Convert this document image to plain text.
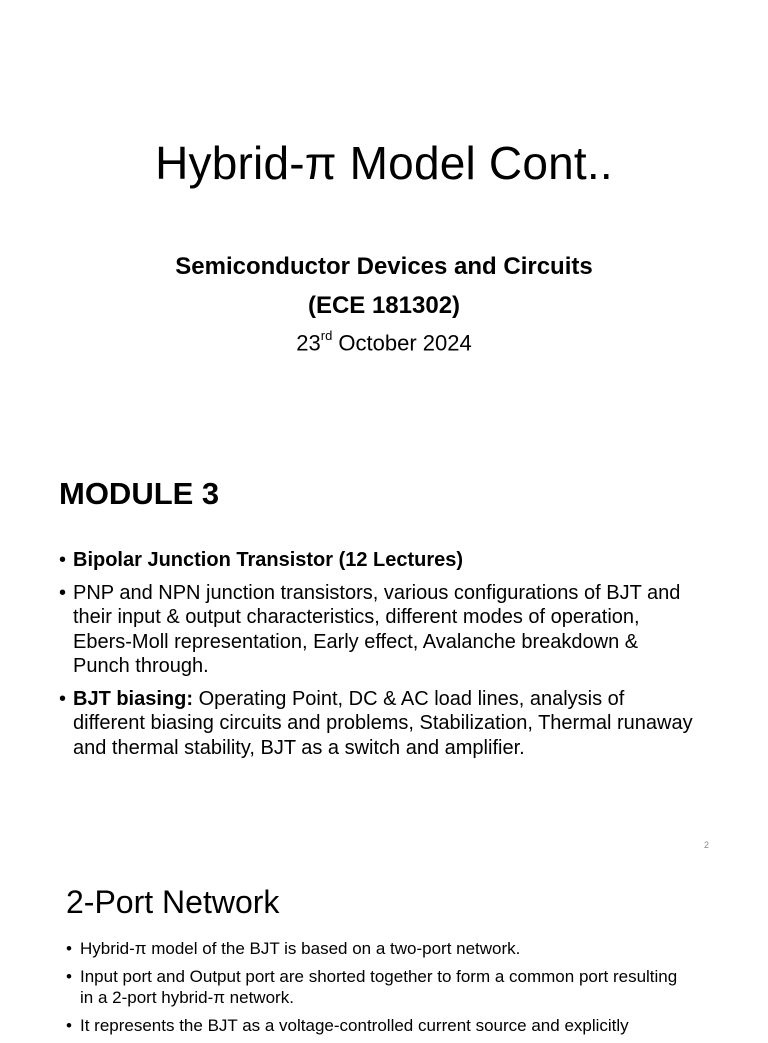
Hybrid-π Model Cont..
Semiconductor Devices and Circuits
(ECE 181302)
23rd October 2024
MODULE 3
• Bipolar Junction Transistor (12 Lectures)
• PNP and NPN junction transistors, various configurations of BJT and their input & output characteristics, different modes of operation, Ebers-Moll representation, Early effect, Avalanche breakdown & Punch through.
• BJT biasing: Operating Point, DC & AC load lines, analysis of different biasing circuits and problems, Stabilization, Thermal runaway and thermal stability, BJT as a switch and amplifier.
2
2-Port Network
• Hybrid-π model of the BJT is based on a two-port network.
• Input port and Output port are shorted together to form a common port resulting in a 2-port hybrid-π network.
• It represents the BJT as a voltage-controlled current source and explicitly
